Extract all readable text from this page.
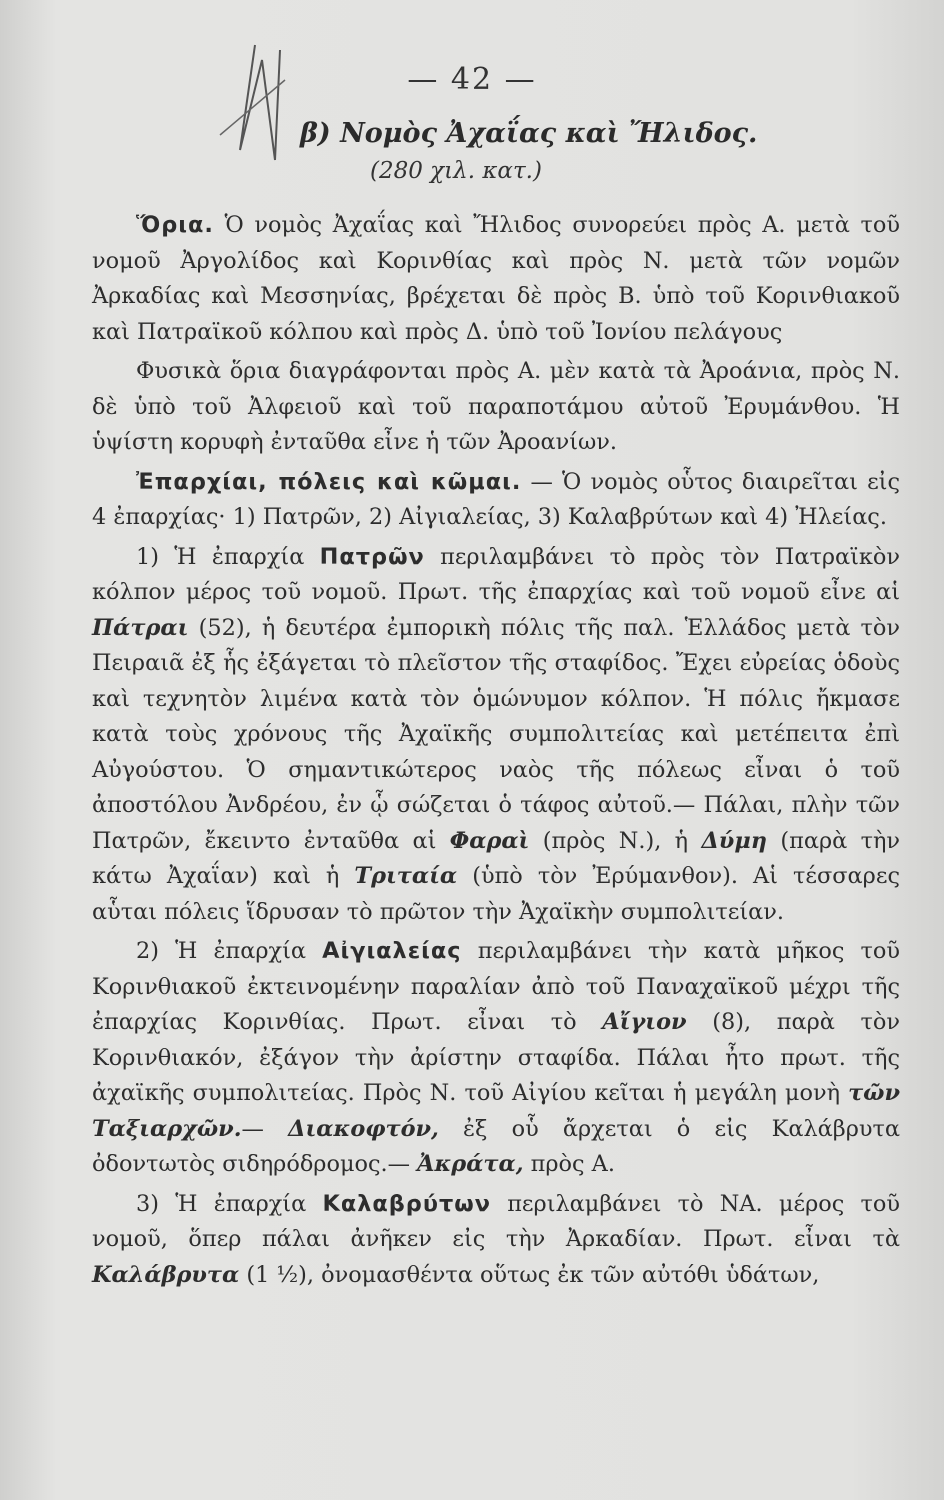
— 42 —
β) Νομὸς Ἀχαΐας καὶ Ἤλιδος.
(280 χιλ. κατ.)

Ὅρια. Ὁ νομὸς Ἀχαΐας καὶ Ἤλιδος συνορεύει πρὸς Α. μετὰ τοῦ νομοῦ Ἀργολίδος καὶ Κορινθίας καὶ πρὸς Ν. μετὰ τῶν νομῶν Ἀρκαδίας καὶ Μεσσηνίας, βρέχεται δὲ πρὸς Β. ὑπὸ τοῦ Κορινθιακοῦ καὶ Πατραϊκοῦ κόλπου καὶ πρὸς Δ. ὑπὸ τοῦ Ἰονίου πελάγους

Φυσικὰ ὅρια διαγράφονται πρὸς Α. μὲν κατὰ τὰ Ἀροάνια, πρὸς Ν. δὲ ὑπὸ τοῦ Ἀλφειοῦ καὶ τοῦ παραποτάμου αὐτοῦ Ἐρυμάνθου. Ἡ ὑψίστη κορυφὴ ἐνταῦθα εἶνε ἡ τῶν Ἀροανίων.

Ἐπαρχίαι, πόλεις καὶ κῶμαι. — Ὁ νομὸς οὗτος διαιρεῖται εἰς 4 ἐπαρχίας· 1) Πατρῶν, 2) Αἰγιαλείας, 3) Καλαβρύτων καὶ 4) Ἠλείας.

1) Ἡ ἐπαρχία Πατρῶν περιλαμβάνει τὸ πρὸς τὸν Πατραϊκὸν κόλπον μέρος τοῦ νομοῦ. Πρωτ. τῆς ἐπαρχίας καὶ τοῦ νομοῦ εἶνε αἱ Πάτραι (52), ἡ δευτέρα ἐμπορικὴ πόλις τῆς παλ. Ἑλλάδος μετὰ τὸν Πειραιᾶ ἐξ ἧς ἐξάγεται τὸ πλεῖστον τῆς σταφίδος. Ἔχει εὐρείας ὁδοὺς καὶ τεχνητὸν λιμένα κατὰ τὸν ὁμώνυμον κόλπον. Ἡ πόλις ἤκμασε κατὰ τοὺς χρόνους τῆς Ἀχαϊκῆς συμπολιτείας καὶ μετέπειτα ἐπὶ Αὐγούστου. Ὁ σημαντικώτερος ναὸς τῆς πόλεως εἶναι ὁ τοῦ ἀποστόλου Ἀνδρέου, ἐν ᾧ σώζεται ὁ τάφος αὐτοῦ.— Πάλαι, πλὴν τῶν Πατρῶν, ἔκειντο ἐνταῦθα αἱ Φαραὶ (πρὸς Ν.), ἡ Δύμη (παρὰ τὴν κάτω Ἀχαΐαν) καὶ ἡ Τριταία (ὑπὸ τὸν Ἐρύμανθον). Αἱ τέσσαρες αὗται πόλεις ἵδρυσαν τὸ πρῶτον τὴν Ἀχαϊκὴν συμπολιτείαν.

2) Ἡ ἐπαρχία Αἰγιαλείας περιλαμβάνει τὴν κατὰ μῆκος τοῦ Κορινθιακοῦ ἐκτεινομένην παραλίαν ἀπὸ τοῦ Παναχαϊκοῦ μέχρι τῆς ἐπαρχίας Κορινθίας. Πρωτ. εἶναι τὸ Αἴγιον (8), παρὰ τὸν Κορινθιακόν, ἐξάγον τὴν ἀρίστην σταφίδα. Πάλαι ἦτο πρωτ. τῆς ἀχαϊκῆς συμπολιτείας. Πρὸς Ν. τοῦ Αἰγίου κεῖται ἡ μεγάλη μονὴ τῶν Ταξιαρχῶν.— Διακοφτόν, ἐξ οὗ ἄρχεται ὁ εἰς Καλάβρυτα ὀδοντωτὸς σιδηρόδρομος.— Ἀκράτα, πρὸς Α.

3) Ἡ ἐπαρχία Καλαβρύτων περιλαμβάνει τὸ ΝΑ. μέρος τοῦ νομοῦ, ὅπερ πάλαι ἀνῆκεν εἰς τὴν Ἀρκαδίαν. Πρωτ. εἶναι τὰ Καλάβρυτα (1 ½), ὀνομασθέντα οὕτως ἐκ τῶν αὐτόθι ὑδάτων,
